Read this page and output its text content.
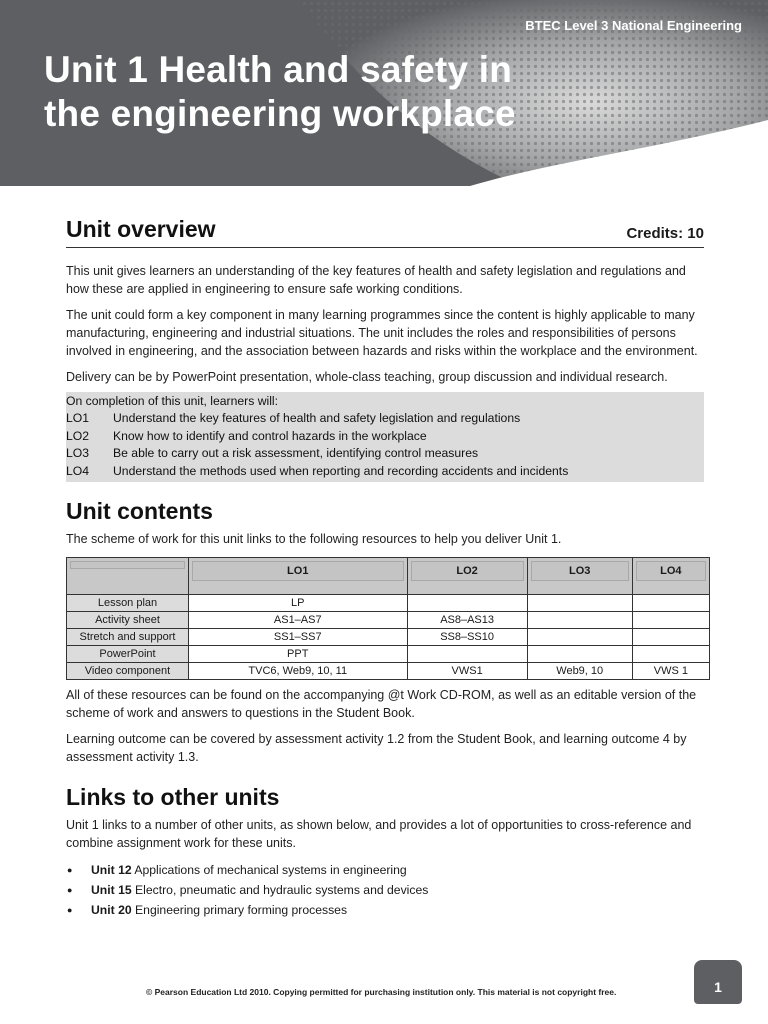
BTEC Level 3 National Engineering
Unit 1 Health and safety in
the engineering workplace
Unit overview	Credits: 10

This unit gives learners an understanding of the key features of health and safety legislation and regulations and how these are applied in engineering to ensure safe working conditions.

The unit could form a key component in many learning programmes since the content is highly applicable to many manufacturing, engineering and industrial situations. The unit includes the roles and responsibilities of persons involved in engineering, and the association between hazards and risks within the workplace and the environment.

Delivery can be by PowerPoint presentation, whole-class teaching, group discussion and individual research.

On completion of this unit, learners will:
LO1 Understand the key features of health and safety legislation and regulations
LO2 Know how to identify and control hazards in the workplace
LO3 Be able to carry out a risk assessment, identifying control measures
LO4 Understand the methods used when reporting and recording accidents and incidents
Unit contents

The scheme of work for this unit links to the following resources to help you deliver Unit 1.

	LO1	LO2	LO3	LO4

Lesson plan	LP			
Activity sheet	AS1–AS7	AS8–AS13		
Stretch and support	SS1–SS7	SS8–SS10		
PowerPoint	PPT			
Video component	TVC6, Web9, 10, 11	VWS1	Web9, 10	VWS 1

All of these resources can be found on the accompanying @t Work CD-ROM, as well as an editable version of the scheme of work and answers to questions in the Student Book.

Learning outcome can be covered by assessment activity 1.2 from the Student Book, and learning outcome 4 by assessment activity 1.3.

Links to other units

Unit 1 links to a number of other units, as shown below, and provides a lot of opportunities to cross-reference and combine assignment work for these units.

● Unit 12 Applications of mechanical systems in engineering
● Unit 15 Electro, pneumatic and hydraulic systems and devices
● Unit 20 Engineering primary forming processes
© Pearson Education Ltd 2010. Copying permitted for purchasing institution only. This material is not copyright free.	1
